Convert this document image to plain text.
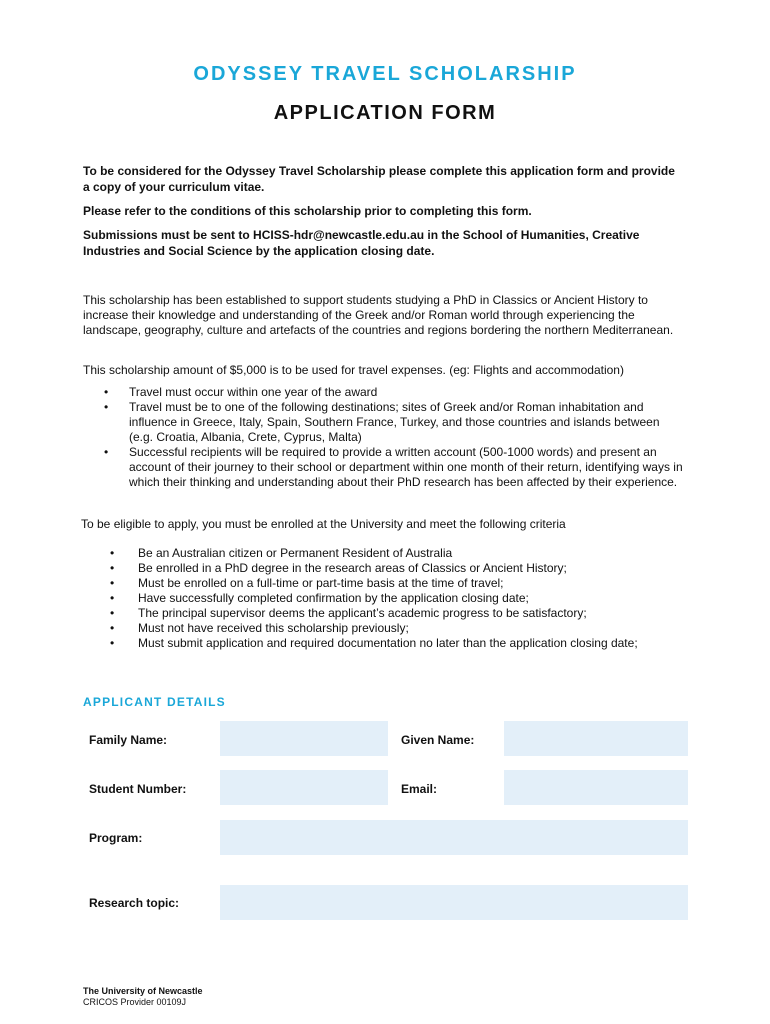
ODYSSEY TRAVEL SCHOLARSHIP
APPLICATION FORM

To be considered for the Odyssey Travel Scholarship please complete this application form and provide a copy of your curriculum vitae.

Please refer to the conditions of this scholarship prior to completing this form.

Submissions must be sent to HCISS-hdr@newcastle.edu.au in the School of Humanities, Creative Industries and Social Science by the application closing date.

This scholarship has been established to support students studying a PhD in Classics or Ancient History to increase their knowledge and understanding of the Greek and/or Roman world through experiencing the landscape, geography, culture and artefacts of the countries and regions bordering the northern Mediterranean.

This scholarship amount of $5,000 is to be used for travel expenses. (eg: Flights and accommodation)

• Travel must occur within one year of the award
• Travel must be to one of the following destinations; sites of Greek and/or Roman inhabitation and influence in Greece, Italy, Spain, Southern France, Turkey, and those countries and islands between (e.g. Croatia, Albania, Crete, Cyprus, Malta)
• Successful recipients will be required to provide a written account (500-1000 words) and present an account of their journey to their school or department within one month of their return, identifying ways in which their thinking and understanding about their PhD research has been affected by their experience.

To be eligible to apply, you must be enrolled at the University and meet the following criteria

• Be an Australian citizen or Permanent Resident of Australia
• Be enrolled in a PhD degree in the research areas of Classics or Ancient History;
• Must be enrolled on a full-time or part-time basis at the time of travel;
• Have successfully completed confirmation by the application closing date;
• The principal supervisor deems the applicant’s academic progress to be satisfactory;
• Must not have received this scholarship previously;
• Must submit application and required documentation no later than the application closing date;
APPLICANT DETAILS
Family Name:	Given Name:
Student Number:	Email:
Program:
Research topic:
The University of Newcastle
CRICOS Provider 00109J
